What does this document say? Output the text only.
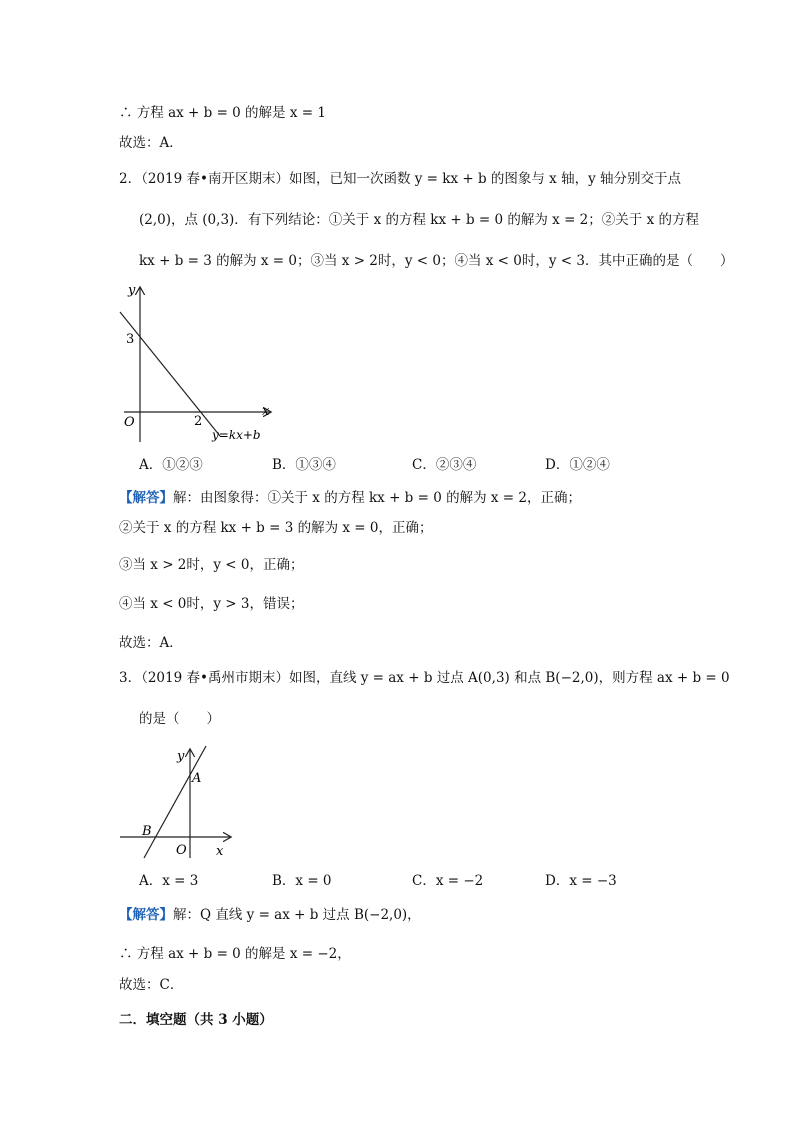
∴ 方程 ax + b = 0 的解是 x = 1
故选：A．
2．（2019 春•南开区期末）如图，已知一次函数 y = kx + b 的图象与 x 轴，y 轴分别交于点
(2,0)，点 (0,3)．有下列结论：①关于 x 的方程 kx + b = 0 的解为 x = 2；②关于 x 的方程
kx + b = 3 的解为 x = 0；③当 x > 2时，y < 0；④当 x < 0时，y < 3．其中正确的是（　　）
y
x
O
3
2
y=kx+b
A．①②③	B．①③④	C．②③④	D．①②④
【解答】解：由图象得：①关于 x 的方程 kx + b = 0 的解为 x = 2，正确；
②关于 x 的方程 kx + b = 3 的解为 x = 0，正确；
③当 x > 2时，y < 0，正确；
④当 x < 0时，y > 3，错误；
故选：A．
3．（2019 春•禹州市期末）如图，直线 y = ax + b 过点 A(0,3) 和点 B(−2,0)，则方程 ax + b = 0
的是（　　）
y
x
O
A
B
A．x = 3	B．x = 0	C．x = −2	D．x = −3
【解答】解：Q 直线 y = ax + b 过点 B(−2,0)，
∴ 方程 ax + b = 0 的解是 x = −2，
故选：C．
二．填空题（共 3 小题）
